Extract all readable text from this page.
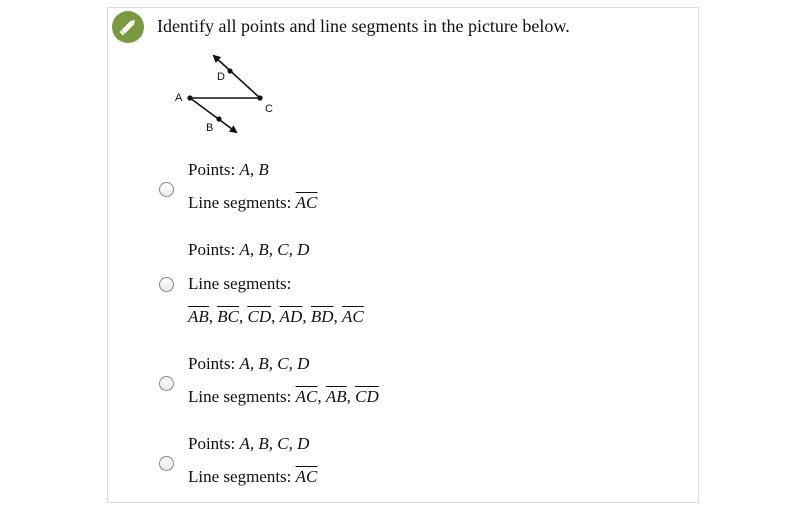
Identify all points and line segments in the picture below.
A
B
C
D
Points: A, B
Line segments: $\overline{AC}$
Points: A, B, C, D
Line segments:
$\overline{AB}$, $\overline{BC}$, $\overline{CD}$, $\overline{AD}$, $\overline{BD}$, $\overline{AC}$
Points: A, B, C, D
Line segments: $\overline{AC}$, $\overline{AB}$, $\overline{CD}$
Points: A, B, C, D
Line segments: $\overline{AC}$
